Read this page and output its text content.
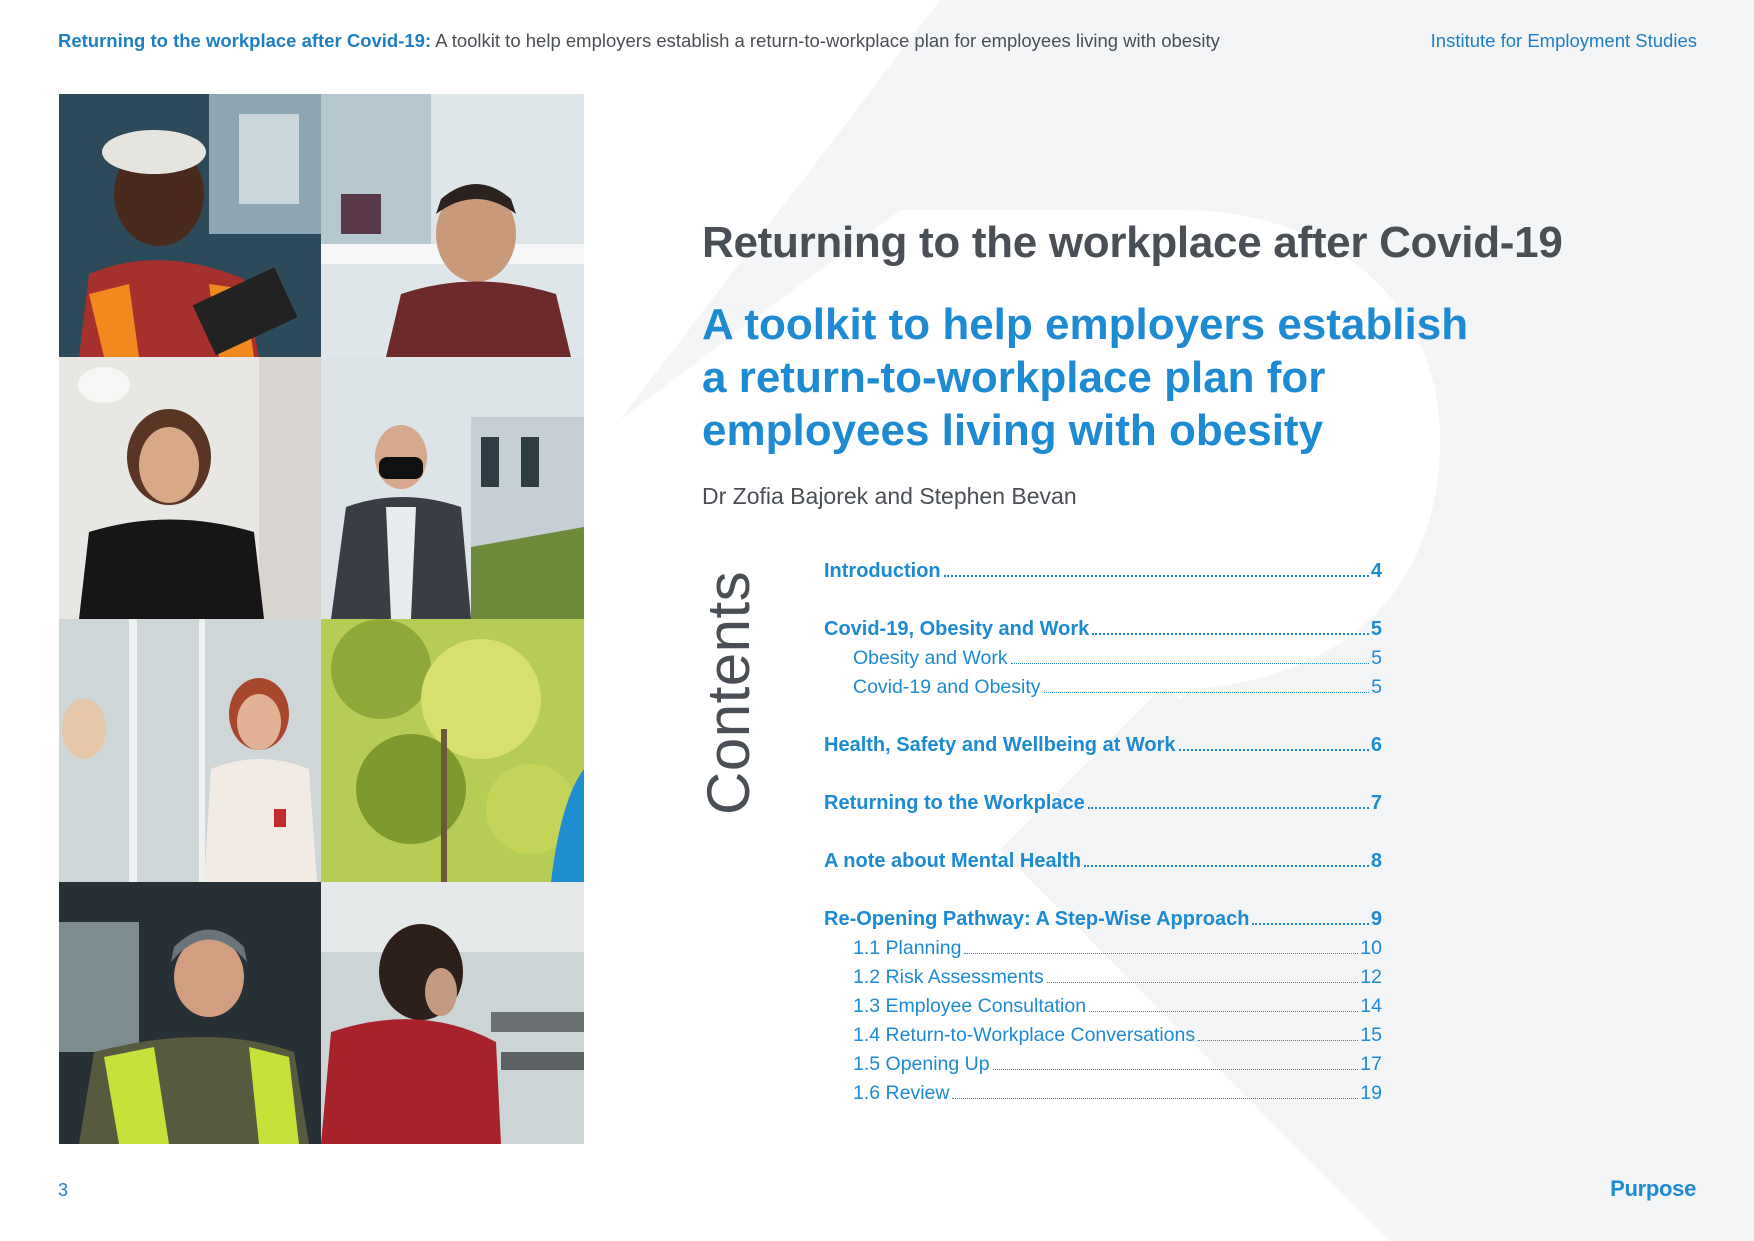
Returning to the workplace after Covid-19: A toolkit to help employers establish a return-to-workplace plan for employees living with obesity	Institute for Employment Studies
Returning to the workplace after Covid-19
A toolkit to help employers establish
a return-to-workplace plan for
employees living with obesity
Dr Zofia Bajorek and Stephen Bevan
Contents	Introduction	4
Covid-19, Obesity and Work	5
Obesity and Work	5
Covid-19 and Obesity	5
Health, Safety and Wellbeing at Work	6
Returning to the Workplace	7
A note about Mental Health	8
Re-Opening Pathway: A Step-Wise Approach	9
1.1 Planning	10
1.2 Risk Assessments	12
1.3 Employee Consultation	14
1.4 Return-to-Workplace Conversations	15
1.5 Opening Up	17
1.6 Review	19
3	Purpose
